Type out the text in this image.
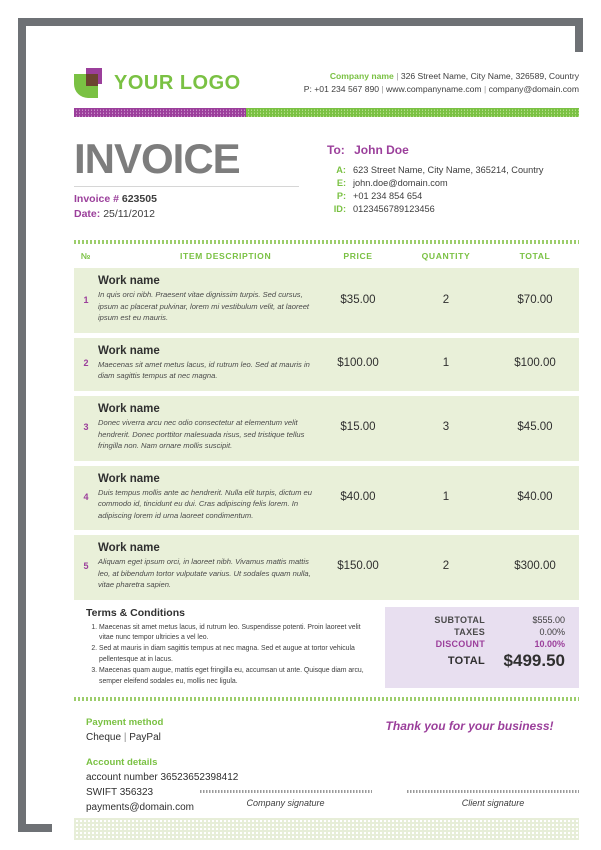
YOUR LOGO	Company name | 326 Street Name, City Name, 326589, Country
P: +01 234 567 890 | www.companyname.com | company@domain.com
INVOICE
Invoice # 623505
Date: 25/11/2012
To: John Doe
A:	623 Street Name, City Name, 365214, Country
E:	john.doe@domain.com
P:	+01 234 854 654
ID:	0123456789123456
№	ITEM DESCRIPTION	PRICE	QUANTITY	TOTAL
1	Work name
In quis orci nibh. Praesent vitae dignissim turpis. Sed cursus, ipsum ac placerat pulvinar, lorem mi vestibulum velit, at laoreet ipsum est eu mauris.	$35.00	2	$70.00

2	Work name
Maecenas sit amet metus lacus, id rutrum leo. Sed at mauris in diam sagittis tempus at nec magna.	$100.00	1	$100.00

3	Work name
Donec viverra arcu nec odio consectetur at elementum velit hendrerit. Donec porttitor malesuada risus, sed tristique tellus fringilla non. Nam ornare mollis suscipit.	$15.00	3	$45.00

4	Work name
Duis tempus mollis ante ac hendrerit. Nulla elit turpis, dictum eu commodo id, tincidunt eu dui. Cras adipiscing felis lorem. In adipiscing lorem id urna laoreet condimentum.	$40.00	1	$40.00

5	Work name
Aliquam eget ipsum orci, in laoreet nibh. Vivamus mattis mattis leo, at bibendum tortor vulputate varius. Ut sodales quam nulla, vitae pharetra sapien.	$150.00	2	$300.00
Terms & Conditions
1. Maecenas sit amet metus lacus, id rutrum leo. Suspendisse potenti. Proin laoreet velit vitae nunc tempor ultricies a vel leo.
2. Sed at mauris in diam sagittis tempus at nec magna. Sed et augue at tortor vehicula pellentesque at in lacus.
3. Maecenas quam augue, mattis eget fringilla eu, accumsan ut ante. Quisque diam arcu, semper eleifend sodales eu, mollis nec ligula.
SUBTOTAL	$555.00
TAXES	0.00%
DISCOUNT	10.00%
TOTAL	$499.50
Payment method
Cheque | PayPal
Account details
account number 36523652398412
SWIFT 356323
payments@domain.com
Thank you for your business!
Company signature	Client signature
